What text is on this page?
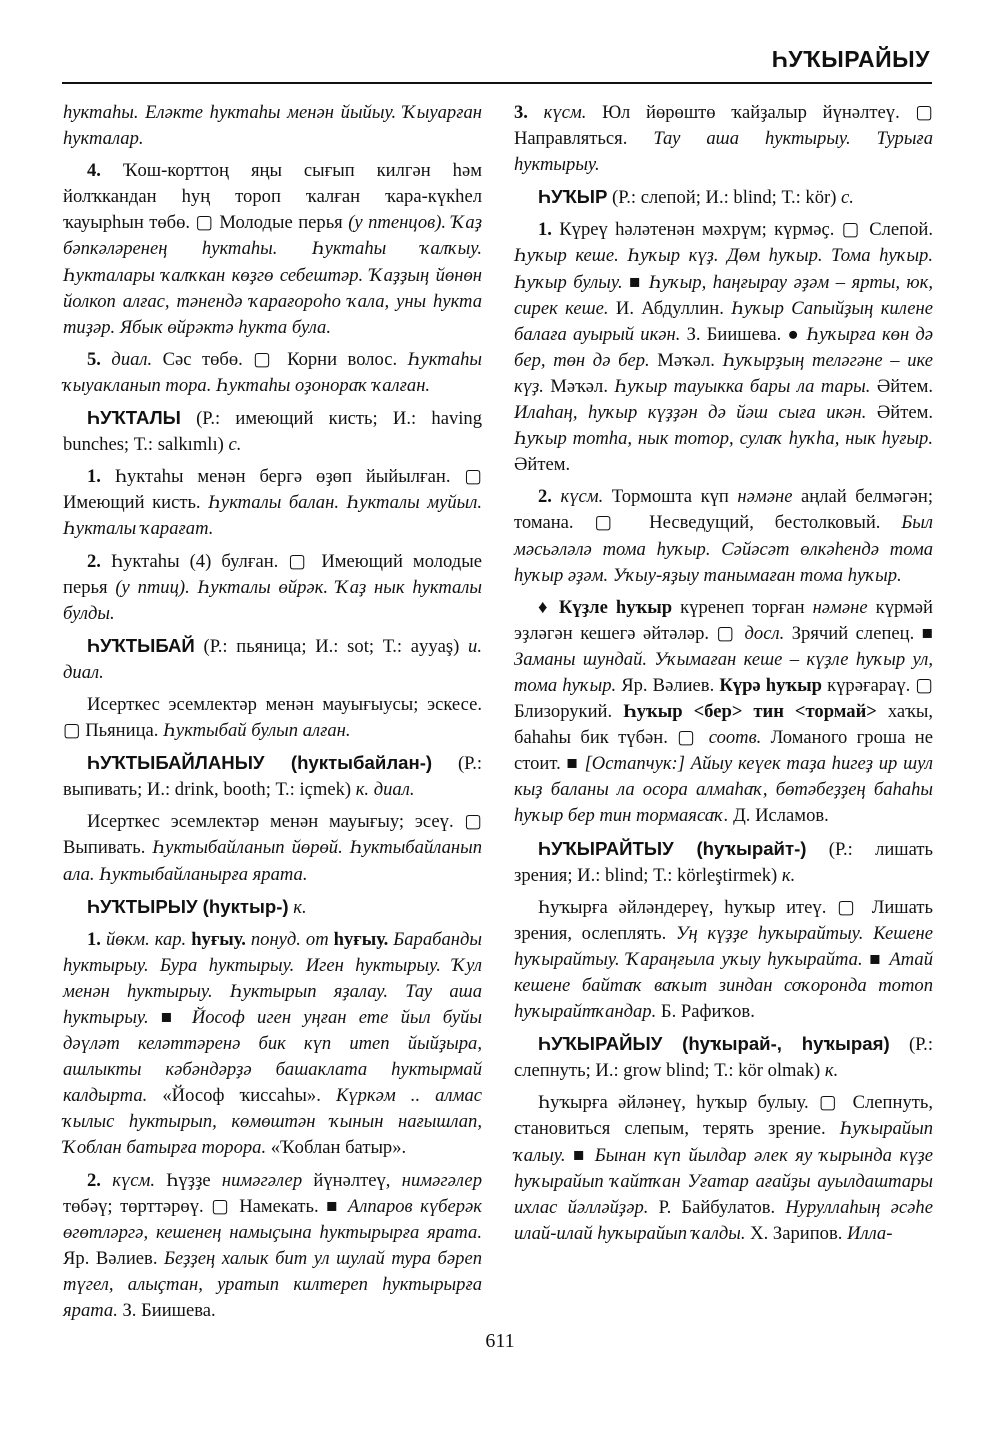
ҺУҠЫРАЙЫУ

һуктаһы. Еләкте һуктаһы менән йыйыу. Ҡыуарған һукталар.

4. Ҡош-корттоң яңы сығып килгән һәм йолҡкандан һуң тороп ҡалған ҡара-күкһел ҡауырһын төбө. ▢ Молодые перья (у птенцов). Ҡаҙ бәпкәләренең һуктаһы. Һуктаһы ҡалҡыу. Һукталары ҡалҡкан көҙгө себештәр. Ҡаҙҙың йөнөн йолкоп алғас, тәнендә ҡарағороһо ҡала, уны һукта тиҙәр. Ябык өйрәктә һукта була.

5. диал. Сәс төбө. ▢ Корни волос. Һуктаһы ҡыуакланып тора. Һуктаһы оҙонораҡ ҡалған.

ҺУҠТАЛЫ (Р.: имеющий кисть; И.: having bunches; Т.: salkımlı) с.

1. Һуктаһы менән бергә өҙөп йыйылған. ▢ Имеющий кисть. Һукталы балан. Һукталы муйыл. Һукталы ҡарағат.

2. Һуктаһы (4) булған. ▢ Имеющий молодые перья (у птиц). Һукталы өйрәк. Ҡаҙ нык һукталы булды.

ҺУҠТЫБАЙ (Р.: пьяница; И.: sot; Т.: ayyaş) и. диал.

Исерткес эсемлектәр менән мауығыусы; эскесе. ▢ Пьяница. Һуктыбай булып алған.

ҺУҠТЫБАЙЛАНЫУ (һуктыбайлан-) (Р.: выпивать; И.: drink, booth; Т.: içmek) к. диал.

Исерткес эсемлектәр менән мауығыу; эсеү. ▢ Выпивать. Һуктыбайланып йөрөй. Һуктыбайланып ала. Һуктыбайланырға ярата.

ҺУҠТЫРЫУ (һуктыр-) к.

1. йөкм. кар. һуғыу. понуд. от һуғыу. Барабанды һуктырыу. Бура һуктырыу. Иген һуктырыу. Ҡул менән һуктырыу. Һуктырып яҙалау. Тау аша һуктырыу. ■ Йософ иген уңған ете йыл буйы дәүләт келәттәренә бик күп итеп йыйҙыра, ашлыкты кәбәндәрҙә башаклата һуктырмай калдырта. «Йософ ҡиссаһы». Күркәм .. алмас ҡылыс һуктырып, көмөштән ҡынын нағышлап, Ҡоблан батырға торора. «Ҡоблан батыр».

2. күсм. Һүҙҙе нимәгәлер йүнәлтеү, нимәгәлер төбәү; төрттәрөү. ▢ Намекать. ■ Алпаров күберәк өгөтләргә, кешенең намыҫына һуктырырға ярата. Яр. Вәлиев. Беҙҙең халык бит ул шулай тура бәреп түгел, алыҫтан, уратып килтереп һуктырырға ярата. З. Биишева.

3. күсм. Юл йөрөштө ҡайҙалыр йүнәлтеү. ▢ Направляться. Тау аша һуктырыу. Турыға һуктырыу.

ҺУҠЫР (Р.: слепой; И.: blind; Т.: kör) с.

1. Күреү һәләтенән мәхрүм; күрмәҫ. ▢ Слепой. Һуҡыр кеше. Һуҡыр күҙ. Дөм һуҡыр. Тома һуҡыр. Һуҡыр булыу. ■ Һуҡыр, һаңғырау әҙәм – ярты, юк, сирек кеше. И. Абдуллин. Һуҡыр Сапыйҙың килене балаға ауырый икән. З. Биишева. ● Һуҡырға көн дә бер, төн дә бер. Мәҡәл. Һуҡырҙың теләгәне – ике күҙ. Мәҡәл. Һуҡыр тауыкка бары ла тары. Әйтем. Илаһаң, һуҡыр күҙҙән дә йәш сыға икән. Әйтем. Һуҡыр тотһа, нык тотор, сулаҡ һуҡһа, нык һуғыр. Әйтем.

2. күсм. Тормошта күп нәмәне аңлай белмәгән; томана. ▢ Несведущий, бестолковый. Был мәсьәләлә тома һуҡыр. Сәйәсәт өлкәһендә тома һуҡыр әҙәм. Уҡыу-яҙыу танымаған тома һуҡыр.

♦ Күҙле һуҡыр күренеп торған нәмәне күрмәй эҙләгән кешегә әйтәләр. ▢ досл. Зрячий слепец. ■ Заманы шундай. Уҡымаған кеше – күҙле һуҡыр ул, тома һуҡыр. Яр. Вәлиев. Күрә һуҡыр күрәғараү. ▢ Близорукий. Һуҡыр <бер> тин <тормай> хаҡы, баһаһы бик түбән. ▢ соотв. Ломаного гроша не стоит. ■ [Остапчук:] Айыу кеүек таҙа һигеҙ ир шул кыҙ баланы ла осора алмаһаҡ, бөтәбеҙҙең баһаһы һуҡыр бер тин тормаясаҡ. Д. Исламов.

ҺУҠЫРАЙТЫУ (һуҡырайт-) (Р.: лишать зрения; И.: blind; Т.: körleştirmek) к.

Һуҡырға әйләндереү, һуҡыр итеү. ▢ Лишать зрения, ослеплять. Уң күҙҙе һуҡырайтыу. Кешене һуҡырайтыу. Ҡараңғыла уҡыу һуҡырайта. ■ Атай кешене байтаҡ ваҡыт зиндан соҡоронда тотоп һуҡырайтҡандар. Б. Рафиҡов.

ҺУҠЫРАЙЫУ (һуҡырай-, һуҡырая) (Р.: слепнуть; И.: grow blind; Т.: kör olmak) к.

Һуҡырға әйләнеү, һуҡыр булыу. ▢ Слепнуть, становиться слепым, терять зрение. Һуҡырайып ҡалыу. ■ Бынан күп йылдар әлек яу ҡырында күҙе һуҡырайып ҡайтҡан Уғатар ағайҙы ауылдаштары ихлас йәлләйҙәр. Р. Байбулатов. Нуруллаһың әсәһе илай-илай һуҡырайып ҡалды. Х. Зарипов. Илла-

611
